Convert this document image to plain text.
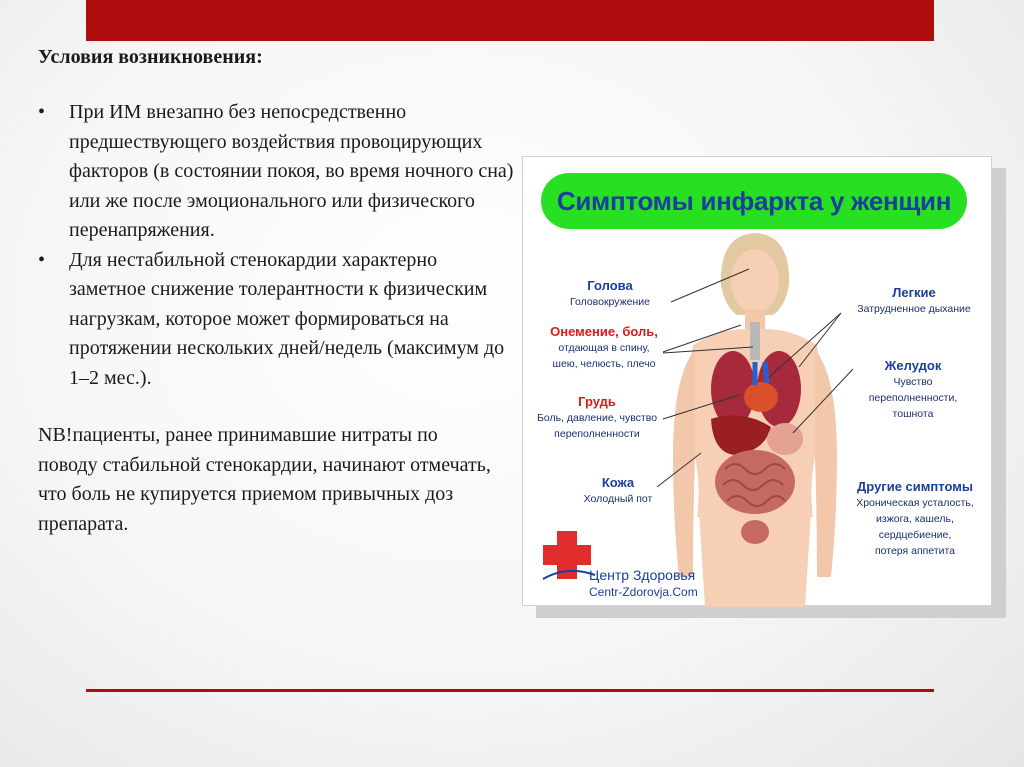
Условия возникновения:
• При ИМ внезапно без непосредственно предшествующего воздействия провоцирующих факторов (в состоянии покоя, во время ночного сна) или же после эмоционального или физического перенапряжения.
• Для нестабильной стенокардии характерно заметное снижение толерантности к физическим нагрузкам, которое может формироваться на протяжении нескольких дней/недель (максимум до 1–2 мес.).

NB!пациенты, ранее принимавшие нитраты по поводу стабильной стенокардии, начинают отмечать, что боль не купируется приемом привычных доз препарата.

Симптомы инфаркта у женщин
Голова
Головокружение
Онемение, боль,
отдающая в спину,
шею, челюсть, плечо
Грудь
Боль, давление, чувство
переполненности
Кожа
Холодный пот
Легкие
Затрудненное дыхание
Желудок
Чувство
переполненности,
тошнота
Другие симптомы
Хроническая усталость,
изжога, кашель,
сердцебиение,
потеря аппетита
Центр Здоровья
Centr-Zdorovja.Com
